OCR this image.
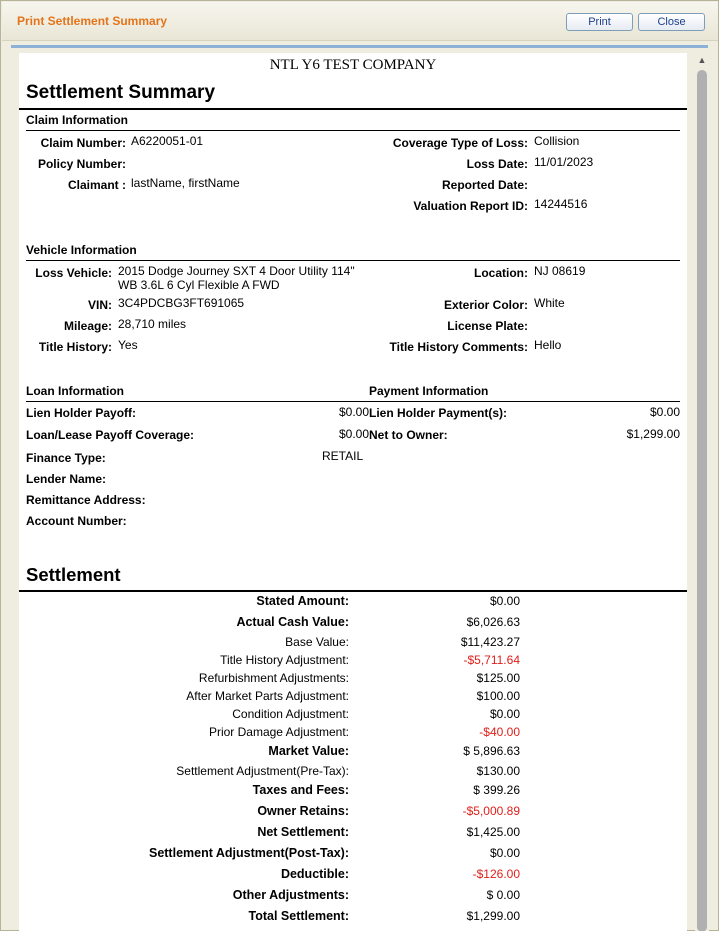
Print Settlement Summary	Print	Close
NTL Y6 TEST COMPANY
Settlement Summary
Claim Information
Claim Number: A6220051-01
Policy Number:
Claimant : lastName, firstName
Coverage Type of Loss: Collision
Loss Date: 11/01/2023
Reported Date:
Valuation Report ID: 14244516
Vehicle Information
Loss Vehicle: 2015 Dodge Journey SXT 4 Door Utility 114"
WB 3.6L 6 Cyl Flexible A FWD
VIN: 3C4PDCBG3FT691065
Mileage: 28,710 miles
Title History: Yes
Location: NJ 08619
Exterior Color: White
License Plate:
Title History Comments: Hello
Loan Information	Payment Information
Lien Holder Payoff:	$0.00
Loan/Lease Payoff Coverage:	$0.00
Finance Type:	RETAIL
Lender Name:
Remittance Address:
Account Number:
Lien Holder Payment(s):	$0.00
Net to Owner:	$1,299.00
Settlement
Stated Amount:	$0.00
Actual Cash Value:	$6,026.63
Base Value:	$11,423.27
Title History Adjustment:	-$5,711.64
Refurbishment Adjustments:	$125.00
After Market Parts Adjustment:	$100.00
Condition Adjustment:	$0.00
Prior Damage Adjustment:	-$40.00
Market Value:	$ 5,896.63
Settlement Adjustment(Pre-Tax):	$130.00
Taxes and Fees:	$ 399.26
Owner Retains:	-$5,000.89
Net Settlement:	$1,425.00
Settlement Adjustment(Post-Tax):	$0.00
Deductible:	-$126.00
Other Adjustments:	$ 0.00
Total Settlement:	$1,299.00
▲
